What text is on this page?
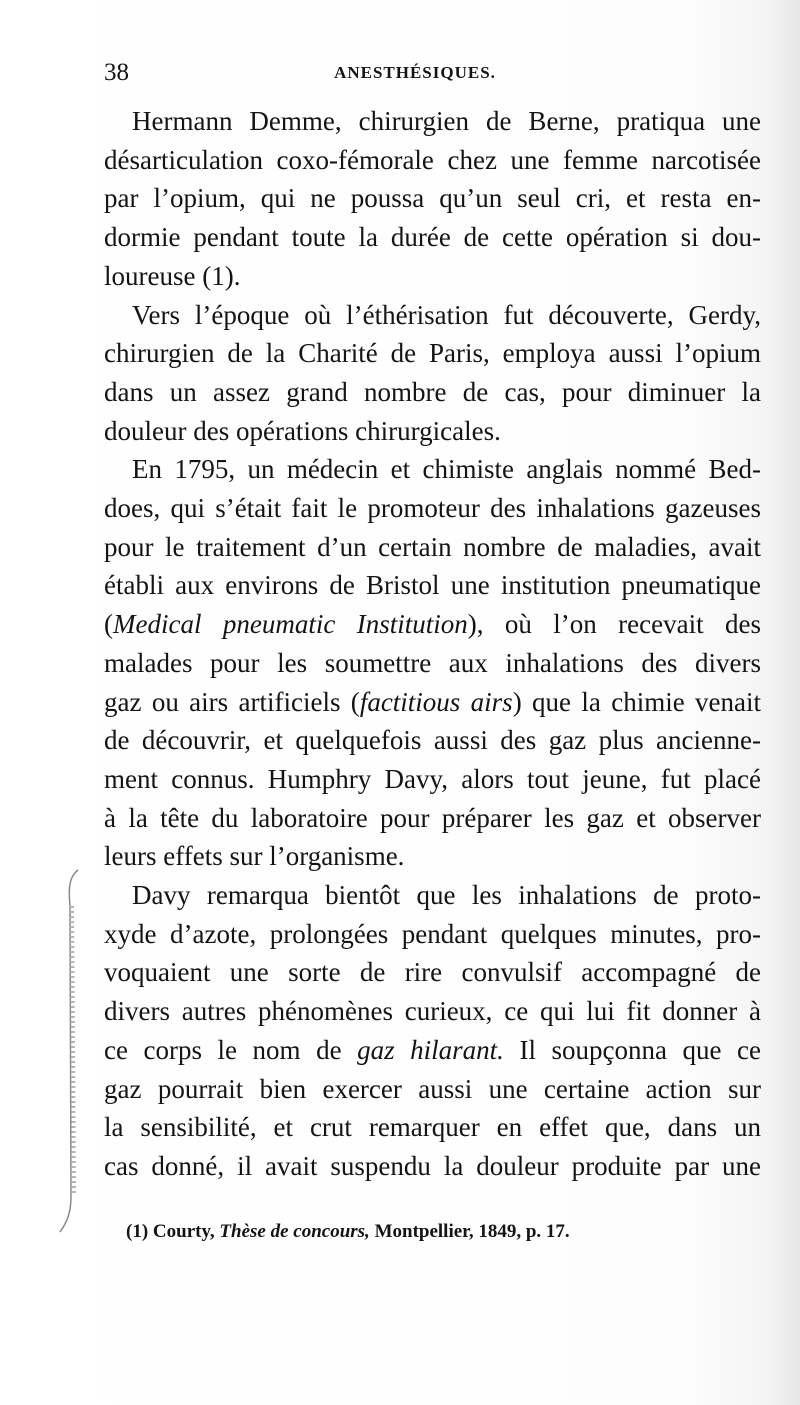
38	ANESTHÉSIQUES.

Hermann Demme, chirurgien de Berne, pratiqua une
désarticulation coxo-fémorale chez une femme narcotisée
par l’opium, qui ne poussa qu’un seul cri, et resta en-
dormie pendant toute la durée de cette opération si dou-
loureuse (1).

Vers l’époque où l’éthérisation fut découverte, Gerdy,
chirurgien de la Charité de Paris, employa aussi l’opium
dans un assez grand nombre de cas, pour diminuer la
douleur des opérations chirurgicales.

En 1795, un médecin et chimiste anglais nommé Bed-
does, qui s’était fait le promoteur des inhalations gazeuses
pour le traitement d’un certain nombre de maladies, avait
établi aux environs de Bristol une institution pneumatique
(Medical pneumatic Institution), où l’on recevait des
malades pour les soumettre aux inhalations des divers
gaz ou airs artificiels (factitious airs) que la chimie venait
de découvrir, et quelquefois aussi des gaz plus anciennе-
ment connus. Humphry Davy, alors tout jeune, fut placé
à la tête du laboratoire pour préparer les gaz et observer
leurs effets sur l’organisme.

Davy remarqua bientôt que les inhalations de proto-
xyde d’azote, prolongées pendant quelques minutes, pro-
voquaient une sorte de rire convulsif accompagné de
divers autres phénomènes curieux, ce qui lui fit donner à
ce corps le nom de gaz hilarant. Il soupçonna que ce
gaz pourrait bien exercer aussi une certaine action sur
la sensibilité, et crut remarquer en effet que, dans un
cas donné, il avait suspendu la douleur produite par une

(1) Courty, Thèse de concours, Montpellier, 1849, p. 17.
